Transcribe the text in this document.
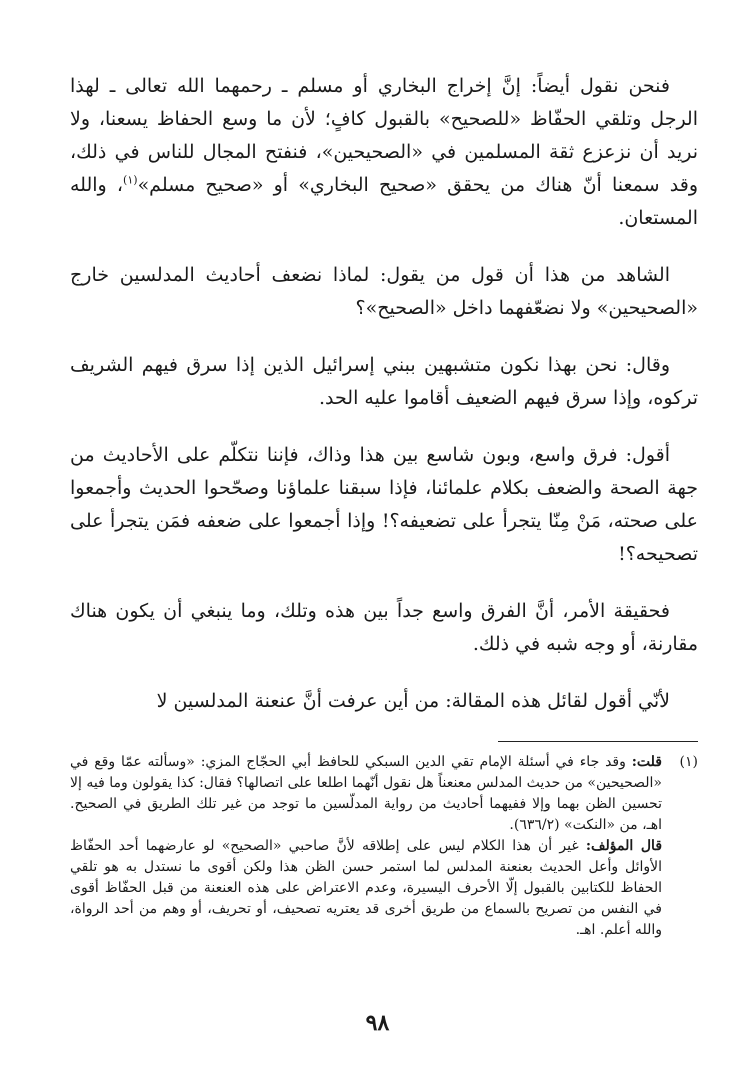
فنحن نقول أيضاً: إنَّ إخراج البخاري أو مسلم ـ رحمهما الله تعالى ـ لهذا الرجل وتلقي الحفّاظ «للصحيح» بالقبول كافٍ؛ لأن ما وسع الحفاظ يسعنا، ولا نريد أن نزعزع ثقة المسلمين في «الصحيحين»، فنفتح المجال للناس في ذلك، وقد سمعنا أنّ هناك من يحقق «صحيح البخاري» أو «صحيح مسلم»$^{(١)}$، والله المستعان.

الشاهد من هذا أن قول من يقول: لماذا نضعف أحاديث المدلسين خارج «الصحيحين» ولا نضعّفهما داخل «الصحيح»؟

وقال: نحن بهذا نكون متشبهين ببني إسرائيل الذين إذا سرق فيهم الشريف تركوه، وإذا سرق فيهم الضعيف أقاموا عليه الحد.

أقول: فرق واسع، وبون شاسع بين هذا وذاك، فإننا نتكلّم على الأحاديث من جهة الصحة والضعف بكلام علمائنا، فإذا سبقنا علماؤنا وصحّحوا الحديث وأجمعوا على صحته، مَنْ مِنّا يتجرأ على تضعيفه؟! وإذا أجمعوا على ضعفه فمَن يتجرأ على تصحيحه؟!

فحقيقة الأمر، أنَّ الفرق واسع جداً بين هذه وتلك، وما ينبغي أن يكون هناك مقارنة، أو وجه شبه في ذلك.

لأنّي أقول لقائل هذه المقالة: من أين عرفت أنَّ عنعنة المدلسين لا

(١)

قلت: وقد جاء في أسئلة الإمام تقي الدين السبكي للحافظ أبي الحجّاج المزي: «وسألته عمّا وقع في «الصحيحين» من حديث المدلس معنعناً هل نقول أنّهما اطلعا على اتصالها؟ فقال: كذا يقولون وما فيه إلا تحسين الظن بهما وإلا ففيهما أحاديث من رواية المدلّسين ما توجد من غير تلك الطريق في الصحيح. اهـ، من «النكت» (٦٣٦/٢).

قال المؤلف: غير أن هذا الكلام ليس على إطلاقه لأنَّ صاحبي «الصحيح» لو عارضهما أحد الحفّاظ الأوائل وأعل الحديث بعنعنة المدلس لما استمر حسن الظن هذا ولكن أقوى ما نستدل به هو تلقي الحفاظ للكتابين بالقبول إلّا الأحرف اليسيرة، وعدم الاعتراض على هذه العنعنة من قبل الحفّاظ أقوى في النفس من تصريح بالسماع من طريق أخرى قد يعتريه تصحيف، أو تحريف، أو وهم من أحد الرواة، والله أعلم. اهـ.

٩٨
